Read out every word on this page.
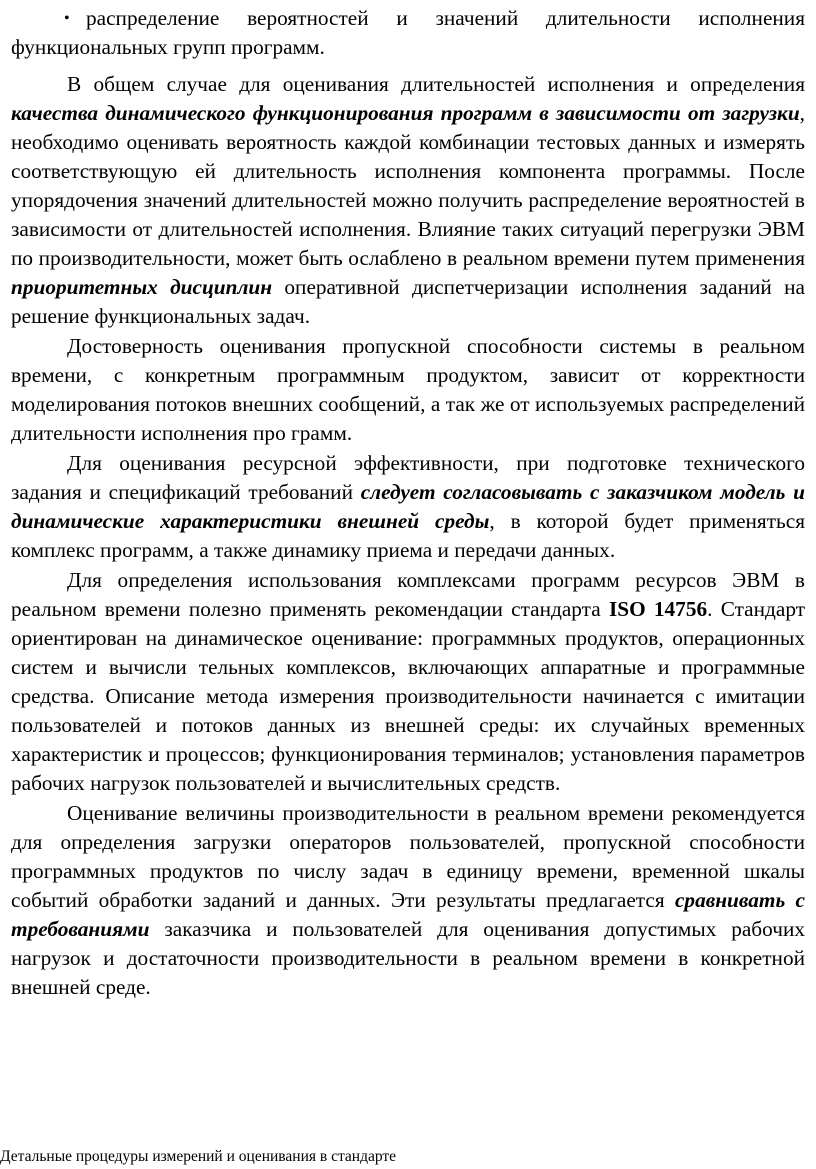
• распределение вероятностей и значений длительности исполнения функциональных групп программ.

В общем случае для оценивания длительностей исполнения и определения качества динамического функционирования программ в зависимости от загрузки, необходимо оценивать вероятность каждой комбинации тестовых данных и измерять соответствующую ей длительность исполнения компонента программы. После упорядочения значений длительностей можно получить распределение вероятностей в зависимости от длительностей исполнения. Влияние таких ситуаций перегрузки ЭВМ по производительности, может быть ослаблено в реальном времени путем применения приоритетных дисциплин оперативной диспетчеризации исполнения заданий на решение функциональных задач.

Достоверность оценивания пропускной способности системы в реальном времени, с конкретным программным продуктом, зависит от корректности моделирования потоков внешних сообщений, а так же от используемых распределений длительности исполнения про грамм.

Для оценивания ресурсной эффективности, при подготовке технического задания и спецификаций требований следует согласовывать с заказчиком модель и динамические характеристики внешней среды, в которой будет применяться комплекс программ, а также динамику приема и передачи данных.

Для определения использования комплексами программ ресурсов ЭВМ в реальном времени полезно применять рекомендации стандарта ISO 14756. Стандарт ориентирован на динамическое оценивание: программных продуктов, операционных систем и вычисли тельных комплексов, включающих аппаратные и программные средства. Описание метода измерения производительности начинается с имитации пользователей и потоков данных из внешней среды: их случайных временных характеристик и процессов; функционирования терминалов; установления параметров рабочих нагрузок пользователей и вычислительных средств.

Оценивание величины производительности в реальном времени рекомендуется для определения загрузки операторов пользователей, пропускной способности программных продуктов по числу задач в единицу времени, временной шкалы событий обработки заданий и данных. Эти результаты предлагается сравнивать с требованиями заказчика и пользователей для оценивания допустимых рабочих нагрузок и достаточности производительности в реальном времени в конкретной внешней среде.

Детальные процедуры измерений и оценивания в стандарте
